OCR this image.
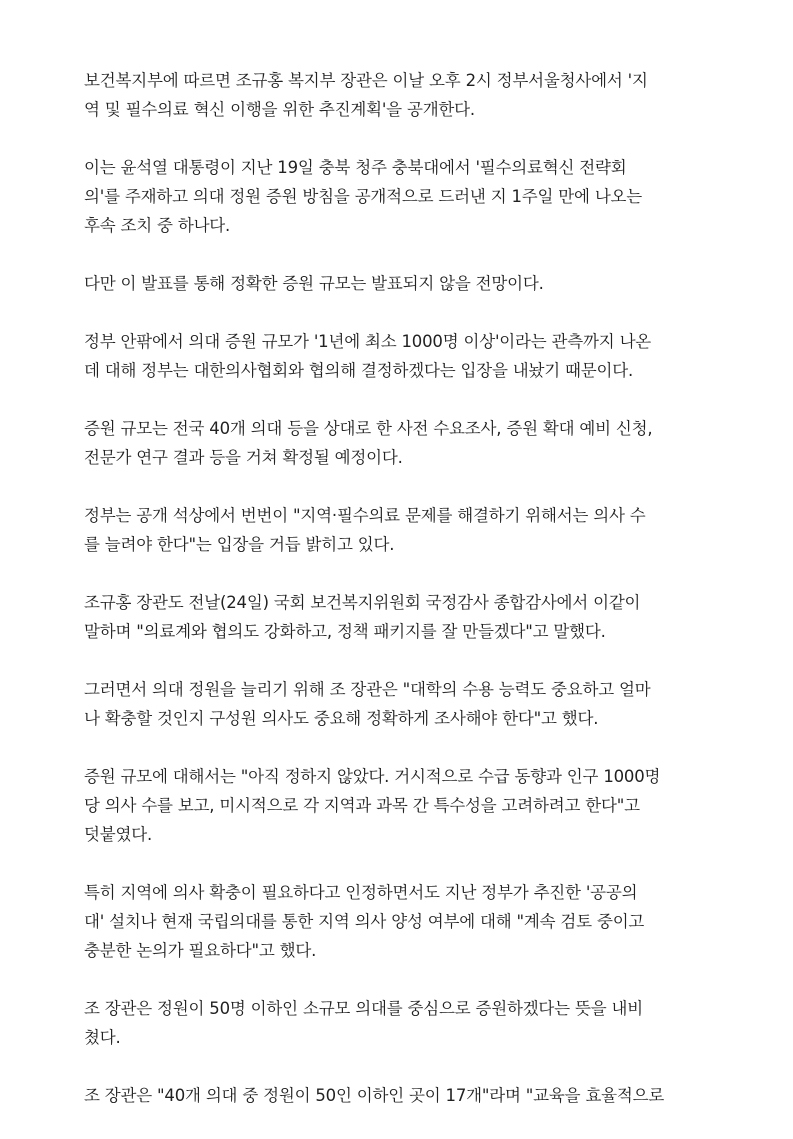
보건복지부에 따르면 조규홍 복지부 장관은 이날 오후 2시 정부서울청사에서 '지
역 및 필수의료 혁신 이행을 위한 추진계획'을 공개한다.

이는 윤석열 대통령이 지난 19일 충북 청주 충북대에서 '필수의료혁신 전략회
의'를 주재하고 의대 정원 증원 방침을 공개적으로 드러낸 지 1주일 만에 나오는
후속 조치 중 하나다.

다만 이 발표를 통해 정확한 증원 규모는 발표되지 않을 전망이다.

정부 안팎에서 의대 증원 규모가 '1년에 최소 1000명 이상'이라는 관측까지 나온
데 대해 정부는 대한의사협회와 협의해 결정하겠다는 입장을 내놨기 때문이다.

증원 규모는 전국 40개 의대 등을 상대로 한 사전 수요조사, 증원 확대 예비 신청,
전문가 연구 결과 등을 거쳐 확정될 예정이다.

정부는 공개 석상에서 번번이 "지역·필수의료 문제를 해결하기 위해서는 의사 수
를 늘려야 한다"는 입장을 거듭 밝히고 있다.

조규홍 장관도 전날(24일) 국회 보건복지위원회 국정감사 종합감사에서 이같이
말하며 "의료계와 협의도 강화하고, 정책 패키지를 잘 만들겠다"고 말했다.

그러면서 의대 정원을 늘리기 위해 조 장관은 "대학의 수용 능력도 중요하고 얼마
나 확충할 것인지 구성원 의사도 중요해 정확하게 조사해야 한다"고 했다.

증원 규모에 대해서는 "아직 정하지 않았다. 거시적으로 수급 동향과 인구 1000명
당 의사 수를 보고, 미시적으로 각 지역과 과목 간 특수성을 고려하려고 한다"고
덧붙였다.

특히 지역에 의사 확충이 필요하다고 인정하면서도 지난 정부가 추진한 '공공의
대' 설치나 현재 국립의대를 통한 지역 의사 양성 여부에 대해 "계속 검토 중이고
충분한 논의가 필요하다"고 했다.

조 장관은 정원이 50명 이하인 소규모 의대를 중심으로 증원하겠다는 뜻을 내비
쳤다.

조 장관은 "40개 의대 중 정원이 50인 이하인 곳이 17개"라며 "교육을 효율적으로
